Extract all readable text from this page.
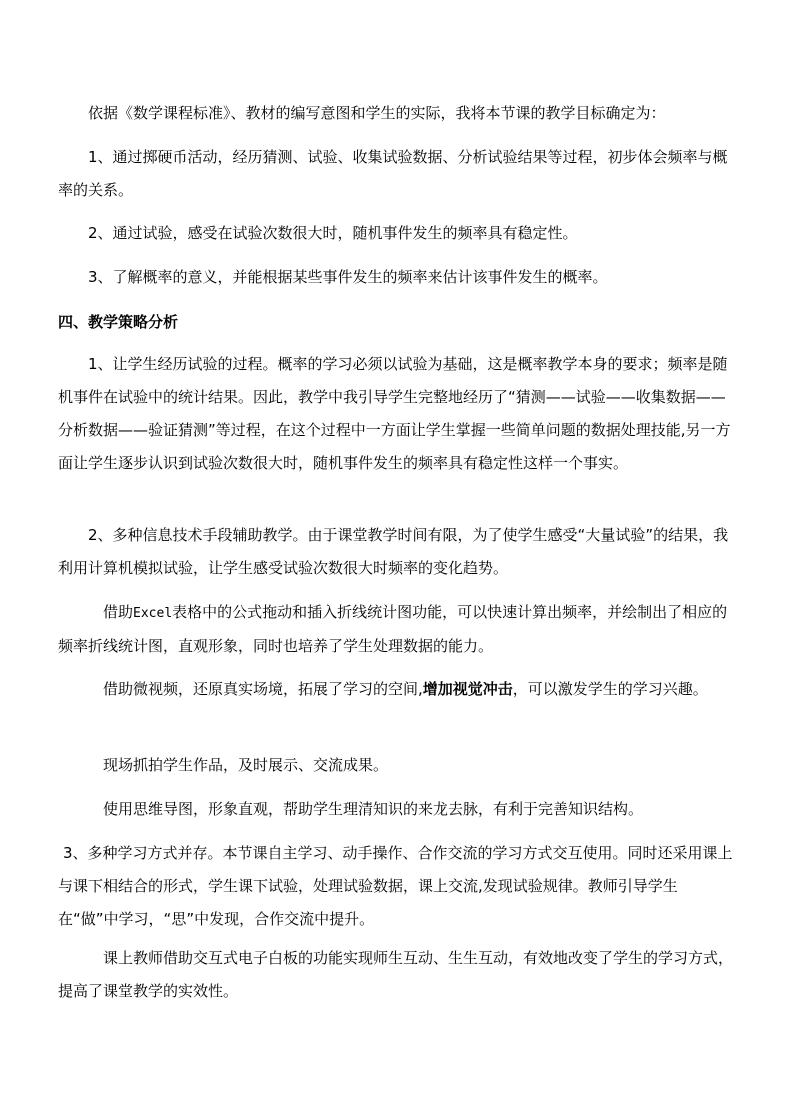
依据《数学课程标准》、教材的编写意图和学生的实际，我将本节课的教学目标确定为：

1、通过掷硬币活动，经历猜测、试验、收集试验数据、分析试验结果等过程，初步体会频率与概率的关系。

2、通过试验，感受在试验次数很大时，随机事件发生的频率具有稳定性。

3、了解概率的意义，并能根据某些事件发生的频率来估计该事件发生的概率。

四、教学策略分析

1、让学生经历试验的过程。概率的学习必须以试验为基础，这是概率教学本身的要求；频率是随机事件在试验中的统计结果。因此，教学中我引导学生完整地经历了“猜测——试验——收集数据——分析数据——验证猜测”等过程，在这个过程中一方面让学生掌握一些简单问题的数据处理技能,另一方面让学生逐步认识到试验次数很大时，随机事件发生的频率具有稳定性这样一个事实。

2、多种信息技术手段辅助教学。由于课堂教学时间有限，为了使学生感受“大量试验”的结果，我利用计算机模拟试验，让学生感受试验次数很大时频率的变化趋势。

借助Excel表格中的公式拖动和插入折线统计图功能，可以快速计算出频率，并绘制出了相应的频率折线统计图，直观形象，同时也培养了学生处理数据的能力。

借助微视频，还原真实场境，拓展了学习的空间,增加视觉冲击，可以激发学生的学习兴趣。

现场抓拍学生作品，及时展示、交流成果。

使用思维导图，形象直观，帮助学生理清知识的来龙去脉，有利于完善知识结构。

3、多种学习方式并存。本节课自主学习、动手操作、合作交流的学习方式交互使用。同时还采用课上与课下相结合的形式，学生课下试验，处理试验数据，课上交流,发现试验规律。教师引导学生在“做”中学习，“思”中发现，合作交流中提升。

课上教师借助交互式电子白板的功能实现师生互动、生生互动，有效地改变了学生的学习方式，提高了课堂教学的实效性。
